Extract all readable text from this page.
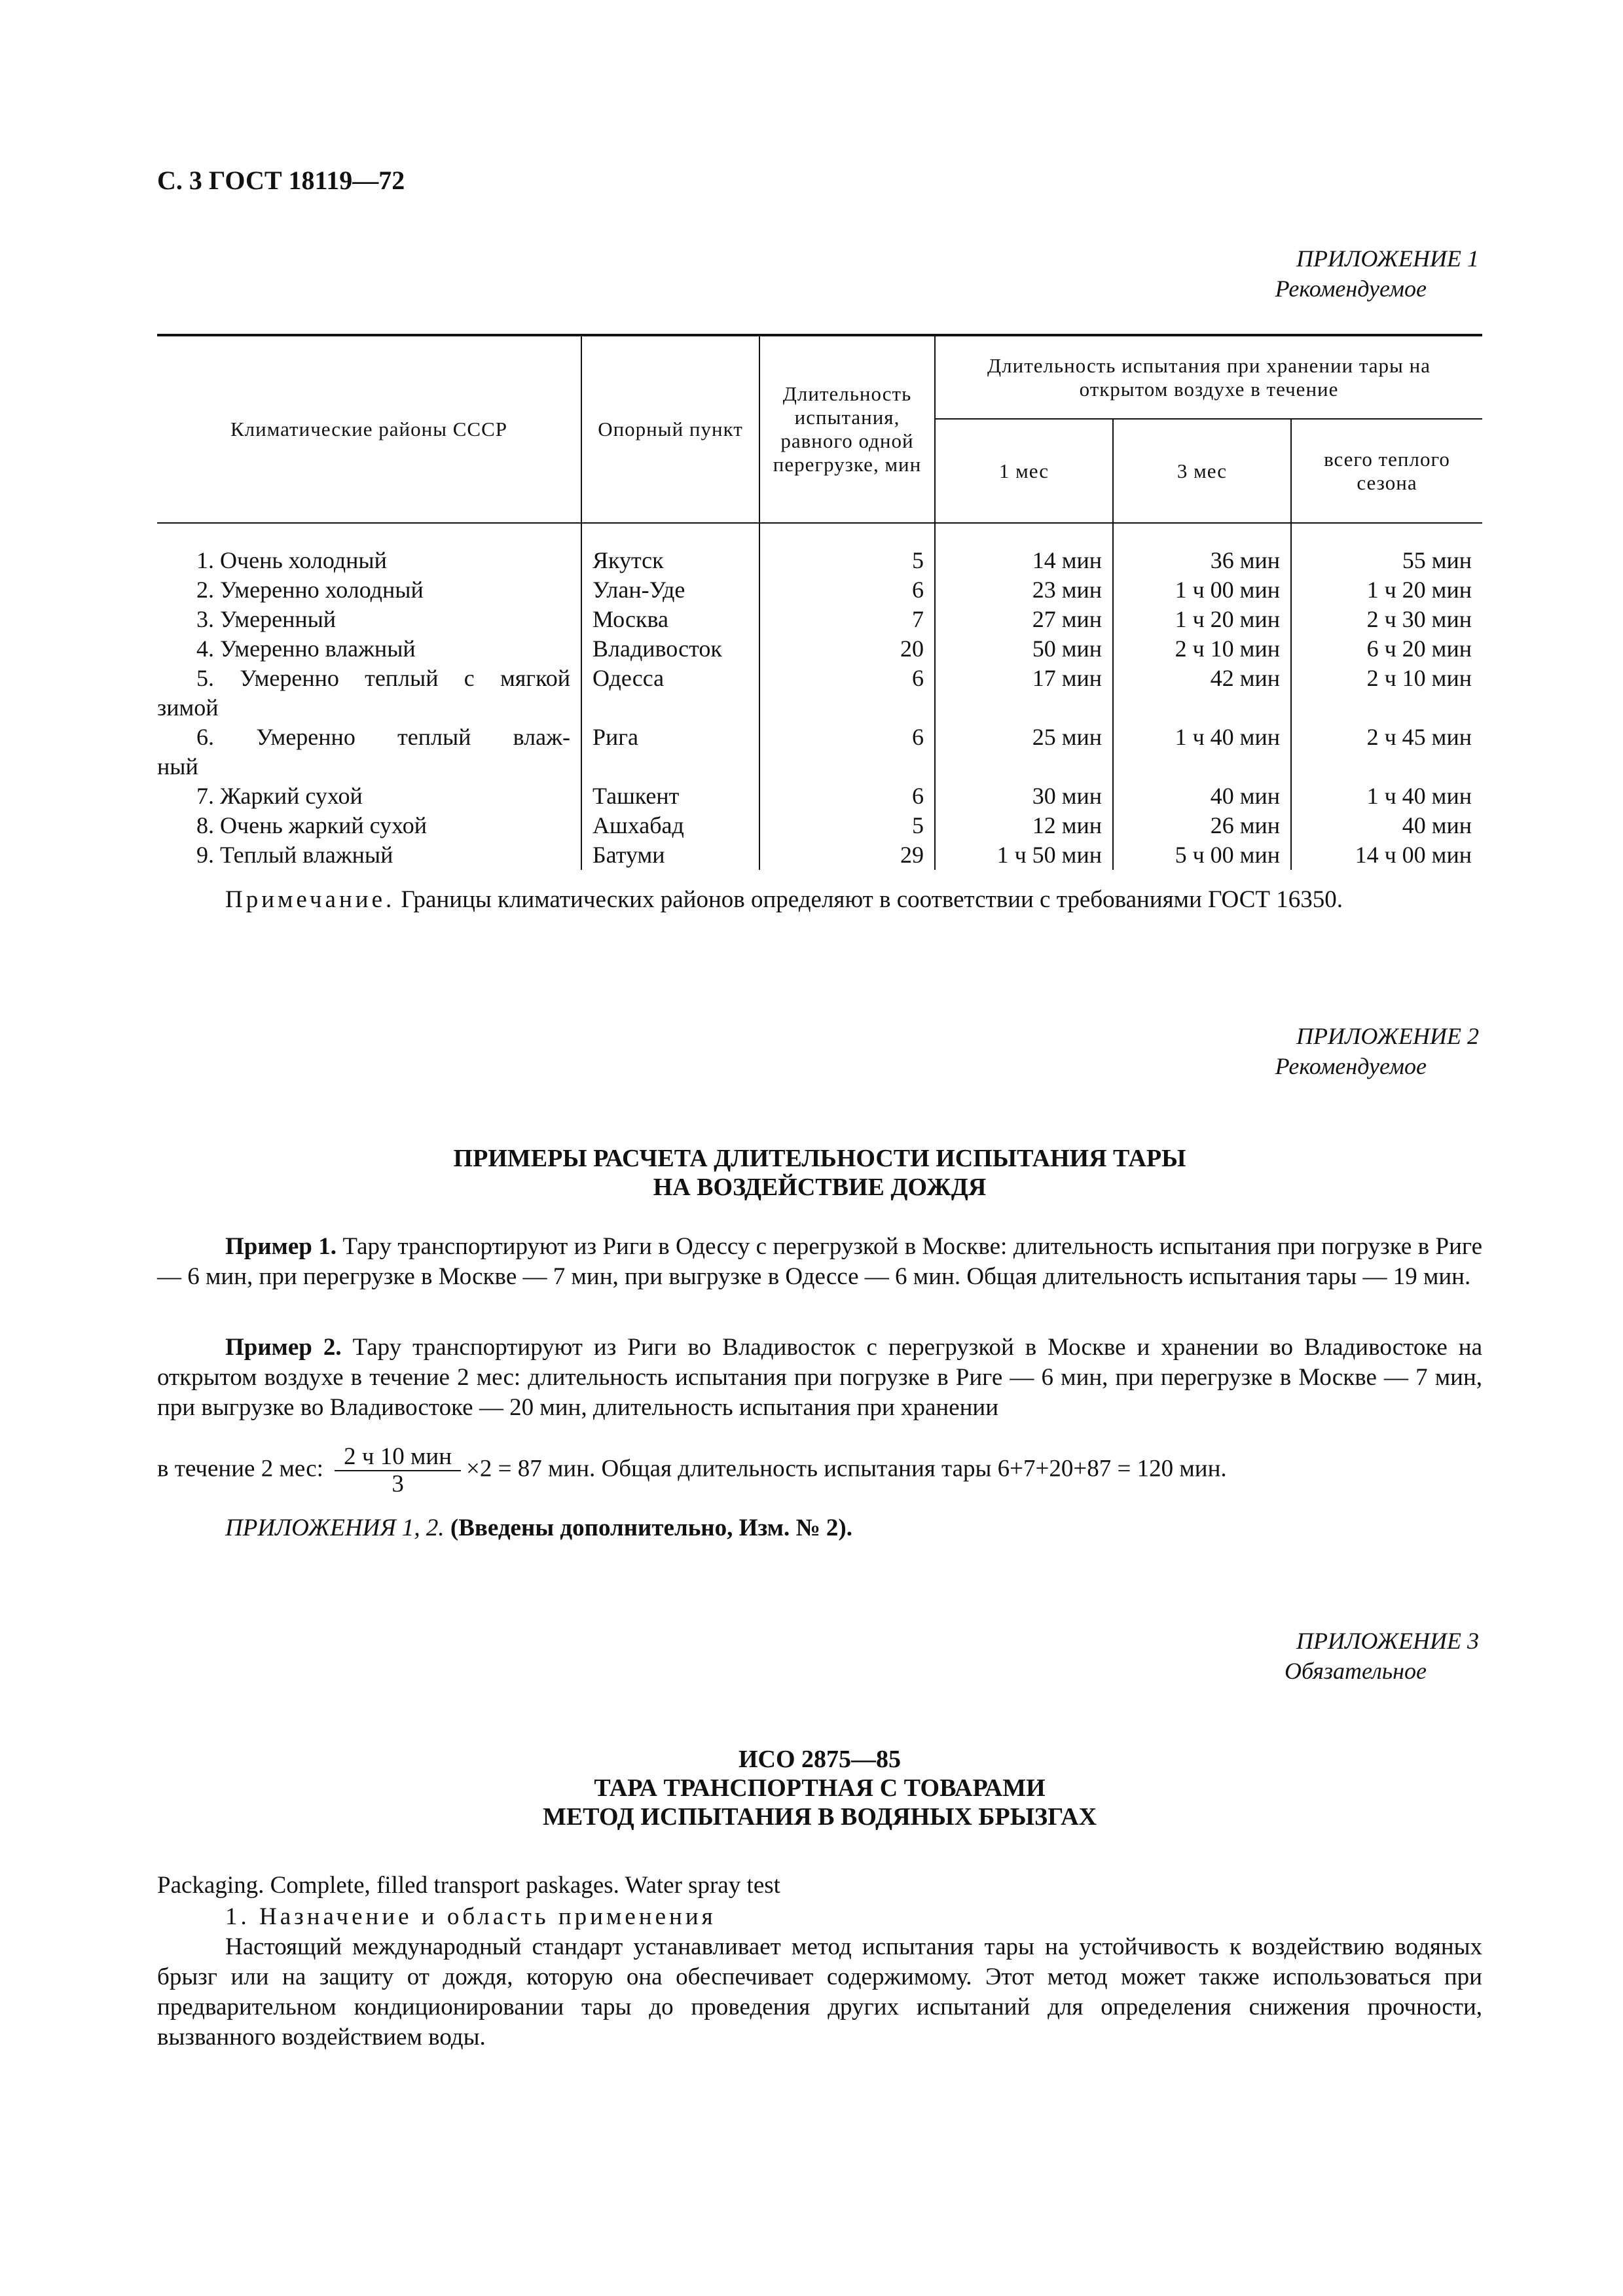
С. 3 ГОСТ 18119—72
ПРИЛОЖЕНИЕ 1
Рекомендуемое
Климатические районы СССР	Опорный пункт	Длительность испытания, равного одной перегрузке, мин	Длительность испытания при хранении тары на открытом воздухе в течение		
			1 мес	3 мес	всего теплого сезона

1. Очень холодный	Якутск	5	14 мин	36 мин	55 мин

2. Умеренно холодный	Улан-Уде	6	23 мин	1 ч 00 мин	1 ч 20 мин

3. Умеренный	Москва	7	27 мин	1 ч 20 мин	2 ч 30 мин

4. Умеренно влажный	Владивосток	20	50 мин	2 ч 10 мин	6 ч 20 мин

5. Умеренно теплый с мягкой
зимой	Одесса	6	17 мин	42 мин	2 ч 10 мин

6. Умеренно теплый влаж-
ный	Рига	6	25 мин	1 ч 40 мин	2 ч 45 мин

7. Жаркий сухой	Ташкент	6	30 мин	40 мин	1 ч 40 мин

8. Очень жаркий сухой	Ашхабад	5	12 мин	26 мин	40 мин

9. Теплый влажный	Батуми	29	1 ч 50 мин	5 ч 00 мин	14 ч 00 мин
Примечание. Границы климатических районов определяют в соответствии с требованиями ГОСТ 16350.
ПРИЛОЖЕНИЕ 2
Рекомендуемое
ПРИМЕРЫ РАСЧЕТА ДЛИТЕЛЬНОСТИ ИСПЫТАНИЯ ТАРЫ
НА ВОЗДЕЙСТВИЕ ДОЖДЯ
Пример 1. Тару транспортируют из Риги в Одессу с перегрузкой в Москве: длительность испытания при погрузке в Риге — 6 мин, при перегрузке в Москве — 7 мин, при выгрузке в Одессе — 6 мин. Общая длительность испытания тары — 19 мин.
Пример 2. Тару транспортируют из Риги во Владивосток с перегрузкой в Москве и хранении во Владивостоке на открытом воздухе в течение 2 мес: длительность испытания при погрузке в Риге — 6 мин, при перегрузке в Москве — 7 мин, при выгрузке во Владивостоке — 20 мин, длительность испытания при хранении
в течение 2 мес: $\frac{\text{2 ч 10 мин}}{3} \times 2 = 87$ мин. Общая длительность испытания тары 6+7+20+87 = 120 мин.
ПРИЛОЖЕНИЯ 1, 2. (Введены дополнительно, Изм. № 2).
ПРИЛОЖЕНИЕ 3
Обязательное
ИСО 2875—85
ТАРА ТРАНСПОРТНАЯ С ТОВАРАМИ
МЕТОД ИСПЫТАНИЯ В ВОДЯНЫХ БРЫЗГАХ
Packaging. Complete, filled transport paskages. Water spray test
1. Назначение и область применения
Настоящий международный стандарт устанавливает метод испытания тары на устойчивость к воздействию водяных брызг или на защиту от дождя, которую она обеспечивает содержимому. Этот метод может также использоваться при предварительном кондиционировании тары до проведения других испытаний для определения снижения прочности, вызванного воздействием воды.
